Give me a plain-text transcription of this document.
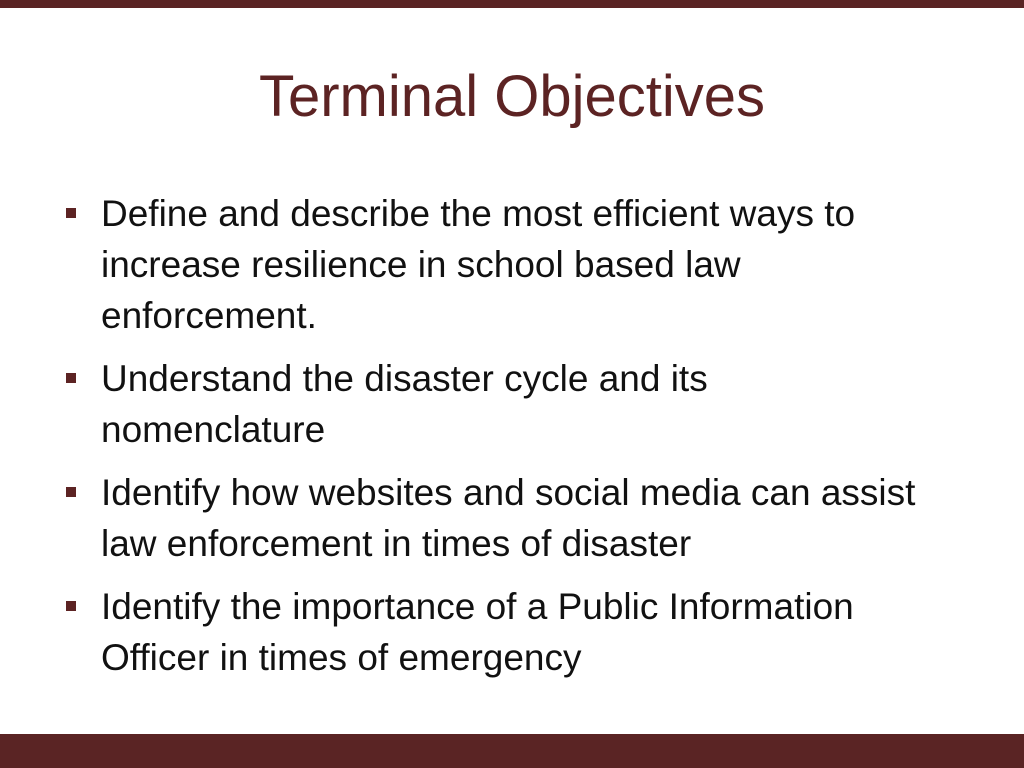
Terminal Objectives
Define and describe the most efficient ways to increase resilience in school based law enforcement.
Understand the disaster cycle and its nomenclature
Identify how websites and social media can assist law enforcement in times of disaster
Identify the importance of a Public Information Officer in times of emergency
